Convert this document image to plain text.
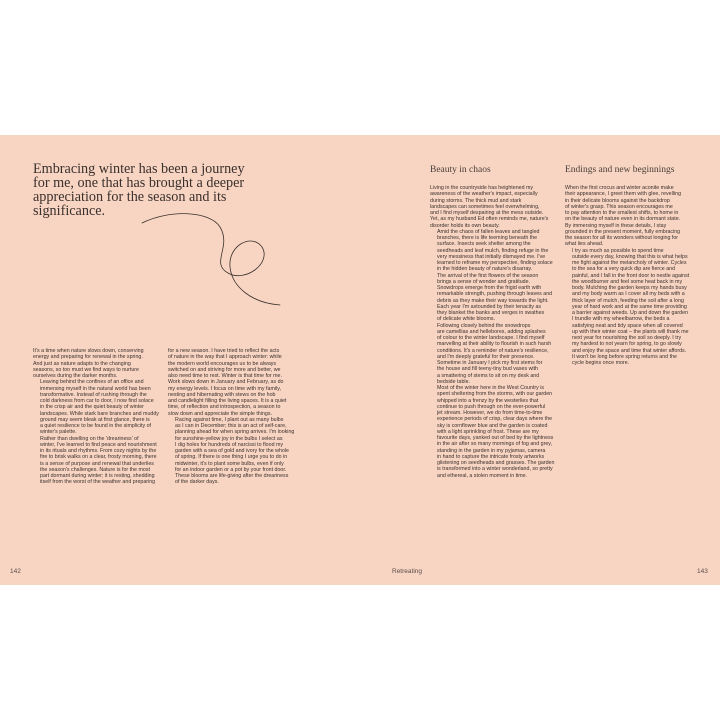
Embracing winter has been a journey for me, one that has brought a deeper appreciation for the season and its significance.

It's a time when nature slows down, conserving
energy and preparing for renewal in the spring.
And just as nature adapts to the changing
seasons, so too must we find ways to nurture
ourselves during the darker months.

Leaving behind the confines of an office and
immersing myself in the natural world has been
transformative. Instead of rushing through the
cold darkness from car to door, I now find solace
in the crisp air and the quiet beauty of winter
landscapes. While stark bare branches and muddy
ground may seem bleak at first glance, there is
a quiet resilience to be found in the simplicity of
winter's palette.

Rather than dwelling on the 'dreariness' of
winter, I've learned to find peace and nourishment
in its rituals and rhythms. From cozy nights by the
fire to brisk walks on a clear, frosty morning, there
is a sense of purpose and renewal that underlies
the season's challenges. Nature is for the most
part dormant during winter; it is resting, shedding
itself from the worst of the weather and preparing

for a new season. I have tried to reflect the acts
of nature in the way that I approach winter: while
the modern world encourages us to be always
switched on and striving for more and better, we
also need time to rest. Winter is that time for me.
Work slows down in January and February, as do
my energy levels. I focus on time with my family,
nesting and hibernating with stews on the hob
and candlelight filling the living spaces. It is a quiet
time, of reflection and introspection, a season to
slow down and appreciate the simple things.

Racing against time, I plant out as many bulbs
as I can in December; this is an act of self-care,
planning ahead for when spring arrives. I'm looking
for sunshine-yellow joy in the bulbs I select as
I dig holes for hundreds of narcissi to flood my
garden with a sea of gold and ivory for the whole
of spring. If there is one thing I urge you to do in
midwinter, it's to plant some bulbs, even if only
for an indoor garden or a pot by your front door.
These blooms are life-giving after the dreariness
of the darker days.

Beauty in chaos

Living in the countryside has heightened my
awareness of the weather's impact, especially
during storms. The thick mud and stark
landscapes can sometimes feel overwhelming,
and I find myself despairing at the mess outside.
Yet, as my husband Ed often reminds me, nature's
disorder holds its own beauty.

Amid the chaos of fallen leaves and tangled
branches, there is life teeming beneath the
surface. Insects seek shelter among the
seedheads and leaf mulch, finding refuge in the
very messiness that initially dismayed me. I've
learned to reframe my perspective, finding solace
in the hidden beauty of nature's disarray.

The arrival of the first flowers of the season
brings a sense of wonder and gratitude.
Snowdrops emerge from the frigid earth with
remarkable strength, pushing through leaves and
debris as they make their way towards the light.
Each year I'm astounded by their tenacity as
they blanket the banks and verges in swathes
of delicate white blooms.

Following closely behind the snowdrops
are camellias and hellebores, adding splashes
of colour to the winter landscape. I find myself
marvelling at their ability to flourish in such harsh
conditions. It's a reminder of nature's resilience,
and I'm deeply grateful for their presence.
Sometime in January I pick my first stems for
the house and fill teeny-tiny bud vases with
a smattering of stems to sit on my desk and
bedside table.

Most of the winter here in the West Country is
spent sheltering from the storms, with our garden
whipped into a frenzy by the westerlies that
continue to push through on the ever-powerful
jet stream. However, we do from time-to-time
experience periods of crisp, clear days where the
sky is cornflower blue and the garden is coated
with a light sprinkling of frost. These are my
favourite days, yanked out of bed by the lightness
in the air after so many mornings of fog and grey,
standing in the garden in my pyjamas, camera
in hand to capture the intricate frosty artworks
glistening on seedheads and grasses. The garden
is transformed into a winter wonderland, so pretty
and ethereal, a stolen moment in time.

Endings and new beginnings

When the first crocus and winter aconite make
their appearance, I greet them with glee, revelling
in their delicate blooms against the backdrop
of winter's grasp. This season encourages me
to pay attention to the smallest shifts, to home in
on the beauty of nature even in its dormant state.
By immersing myself in these details, I stay
grounded in the present moment, fully embracing
the season for all its wonders without longing for
what lies ahead.

I try as much as possible to spend time
outside every day, knowing that this is what helps
me fight against the melancholy of winter. Cycles
to the sea for a very quick dip are fierce and
painful, and I fall in the front door to nestle against
the woodburner and feel some heat back in my
body. Mulching the garden keeps my hands busy
and my body warm as I cover all my beds with a
thick layer of mulch, feeding the soil after a long
year of hard work and at the same time providing
a barrier against weeds. Up and down the garden
I trundle with my wheelbarrow, the beds a
satisfying neat and tidy space when all covered
up with their winter coat – the plants will thank me
next year for nourishing the soil so deeply. I try
my hardest to not yearn for spring, to go slowly
and enjoy the space and time that winter affords.
It won't be long before spring returns and the
cycle begins once more.

142	Retreating	143
